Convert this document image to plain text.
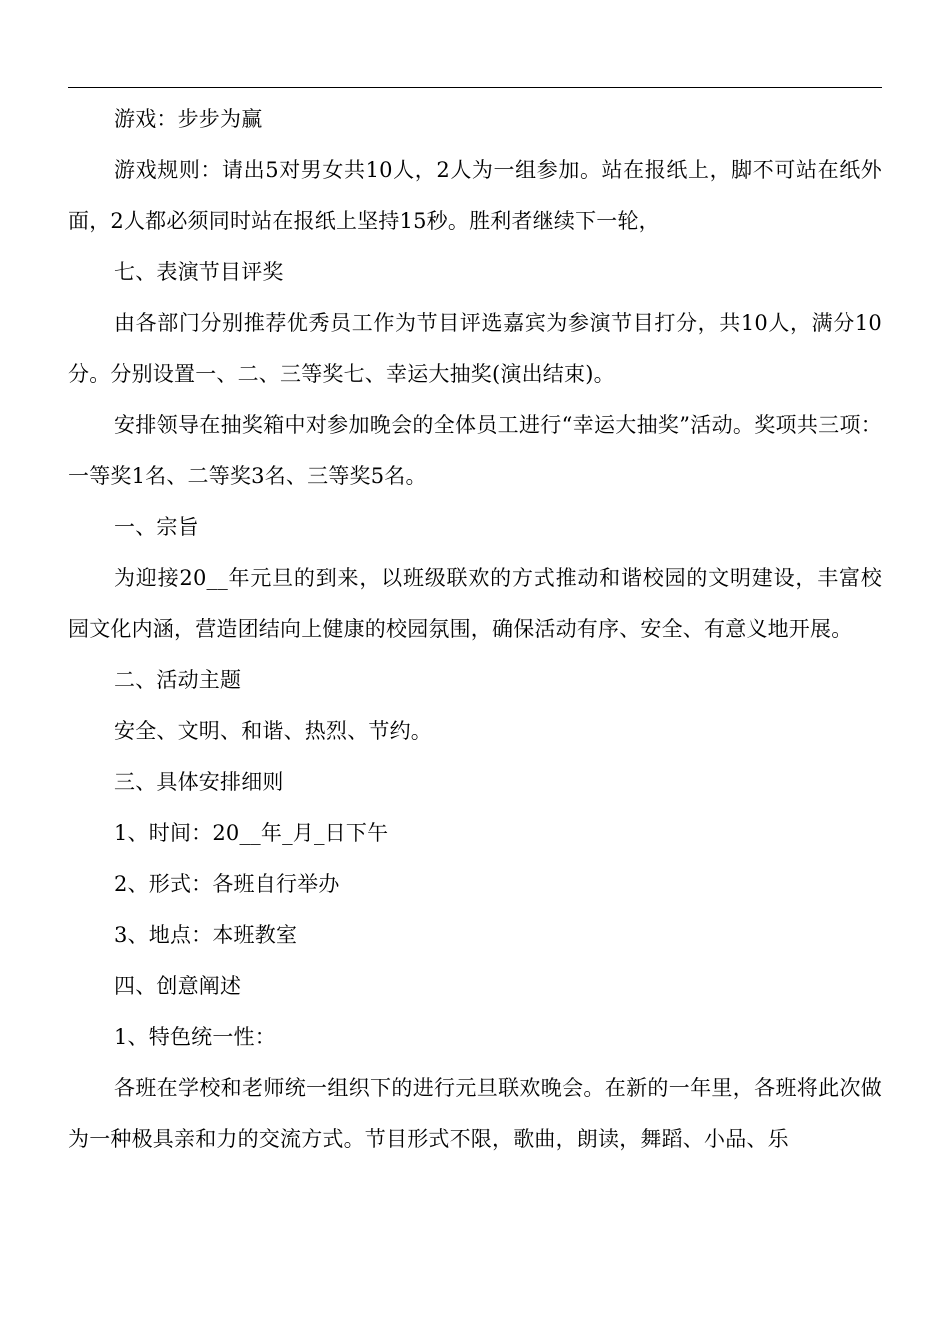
游戏：步步为赢

游戏规则：请出5对男女共10人，2人为一组参加。站在报纸上，脚不可站在纸外面，2人都必须同时站在报纸上坚持15秒。胜利者继续下一轮，

七、表演节目评奖

由各部门分别推荐优秀员工作为节目评选嘉宾为参演节目打分，共10人，满分10分。分别设置一、二、三等奖七、幸运大抽奖(演出结束)。

安排领导在抽奖箱中对参加晚会的全体员工进行“幸运大抽奖”活动。奖项共三项：一等奖1名、二等奖3名、三等奖5名。

一、宗旨

为迎接20__年元旦的到来，以班级联欢的方式推动和谐校园的文明建设，丰富校园文化内涵，营造团结向上健康的校园氛围，确保活动有序、安全、有意义地开展。

二、活动主题

安全、文明、和谐、热烈、节约。

三、具体安排细则

1、时间：20__年_月_日下午

2、形式：各班自行举办

3、地点：本班教室

四、创意阐述

1、特色统一性：

各班在学校和老师统一组织下的进行元旦联欢晚会。在新的一年里，各班将此次做为一种极具亲和力的交流方式。节目形式不限，歌曲，朗读，舞蹈、小品、乐
